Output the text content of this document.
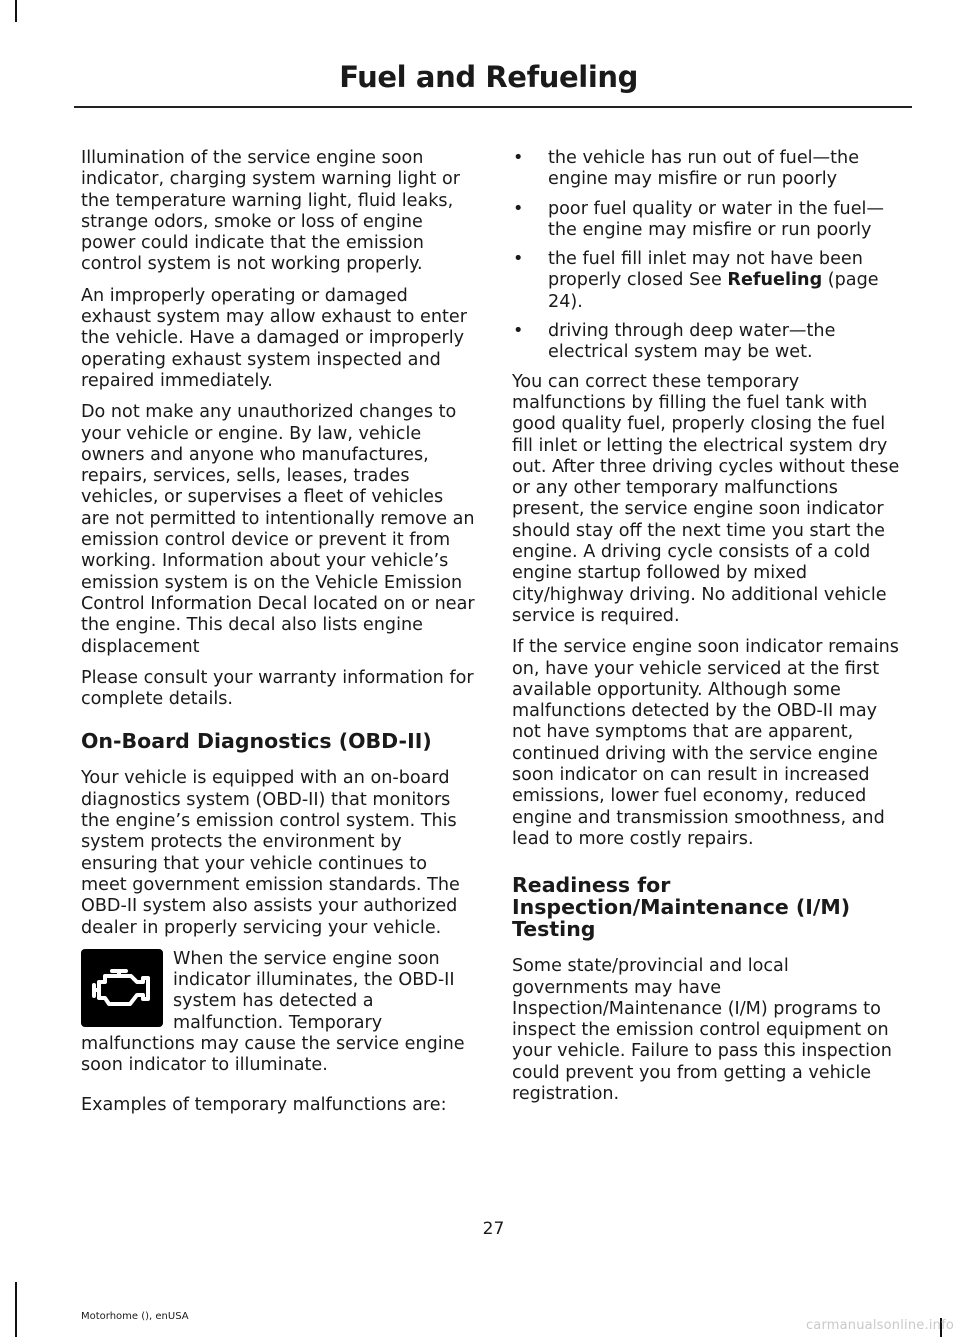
Fuel and Refueling

Illumination of the service engine soon indicator, charging system warning light or the temperature warning light, fluid leaks, strange odors, smoke or loss of engine power could indicate that the emission control system is not working properly.

An improperly operating or damaged exhaust system may allow exhaust to enter the vehicle. Have a damaged or improperly operating exhaust system inspected and repaired immediately.

Do not make any unauthorized changes to your vehicle or engine. By law, vehicle owners and anyone who manufactures, repairs, services, sells, leases, trades vehicles, or supervises a fleet of vehicles are not permitted to intentionally remove an emission control device or prevent it from working. Information about your vehicle’s emission system is on the Vehicle Emission Control Information Decal located on or near the engine. This decal also lists engine displacement

Please consult your warranty information for complete details.

On-Board Diagnostics (OBD-II)

Your vehicle is equipped with an on-board diagnostics system (OBD-II) that monitors the engine’s emission control system. This system protects the environment by ensuring that your vehicle continues to meet government emission standards. The OBD-II system also assists your authorized dealer in properly servicing your vehicle.

When the service engine soon indicator illuminates, the OBD-II system has detected a malfunction. Temporary malfunctions may cause the service engine soon indicator to illuminate.

Examples of temporary malfunctions are:

• the vehicle has run out of fuel—the engine may misfire or run poorly
• poor fuel quality or water in the fuel—the engine may misfire or run poorly
• the fuel fill inlet may not have been properly closed See Refueling (page 24).
• driving through deep water—the electrical system may be wet.

You can correct these temporary malfunctions by filling the fuel tank with good quality fuel, properly closing the fuel fill inlet or letting the electrical system dry out. After three driving cycles without these or any other temporary malfunctions present, the service engine soon indicator should stay off the next time you start the engine. A driving cycle consists of a cold engine startup followed by mixed city/highway driving. No additional vehicle service is required.

If the service engine soon indicator remains on, have your vehicle serviced at the first available opportunity. Although some malfunctions detected by the OBD-II may not have symptoms that are apparent, continued driving with the service engine soon indicator on can result in increased emissions, lower fuel economy, reduced engine and transmission smoothness, and lead to more costly repairs.

Readiness for Inspection/Maintenance (I/M) Testing

Some state/provincial and local governments may have Inspection/Maintenance (I/M) programs to inspect the emission control equipment on your vehicle. Failure to pass this inspection could prevent you from getting a vehicle registration.

27
Motorhome (), enUSA
carmanualsonline.info
